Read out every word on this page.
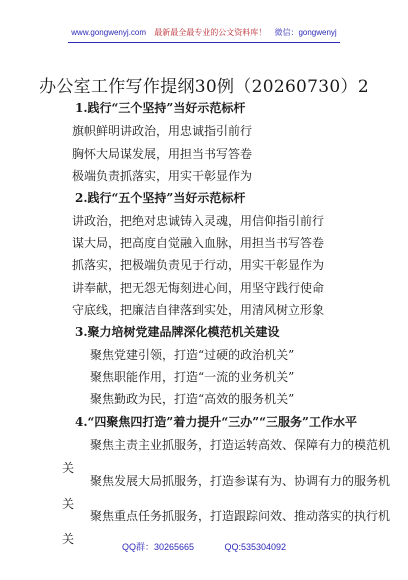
www.gongwenyj.com 最新最全最专业的公文资料库！ 微信：gongwenyj
办公室工作写作提纲30例（20260730）2
1.践行“三个坚持”当好示范标杆
旗帜鲜明讲政治，用忠诚指引前行
胸怀大局谋发展，用担当书写答卷
极端负责抓落实，用实干彰显作为
2.践行“五个坚持”当好示范标杆
讲政治，把绝对忠诚铸入灵魂，用信仰指引前行
谋大局，把高度自觉融入血脉，用担当书写答卷
抓落实，把极端负责见于行动，用实干彰显作为
讲奉献，把无怨无悔刻进心间，用坚守践行使命
守底线，把廉洁自律落到实处，用清风树立形象
3.聚力培树党建品牌深化模范机关建设
聚焦党建引领，打造“过硬的政治机关”
聚焦职能作用，打造“一流的业务机关”
聚焦勤政为民，打造“高效的服务机关”
4.“四聚焦四打造”着力提升“三办”“三服务”工作水平
聚焦主责主业抓服务，打造运转高效、保障有力的模范机
关
聚焦发展大局抓服务，打造参谋有为、协调有力的服务机
关
聚焦重点任务抓服务，打造跟踪问效、推动落实的执行机
关
QQ群：30265665	QQ:535304092
